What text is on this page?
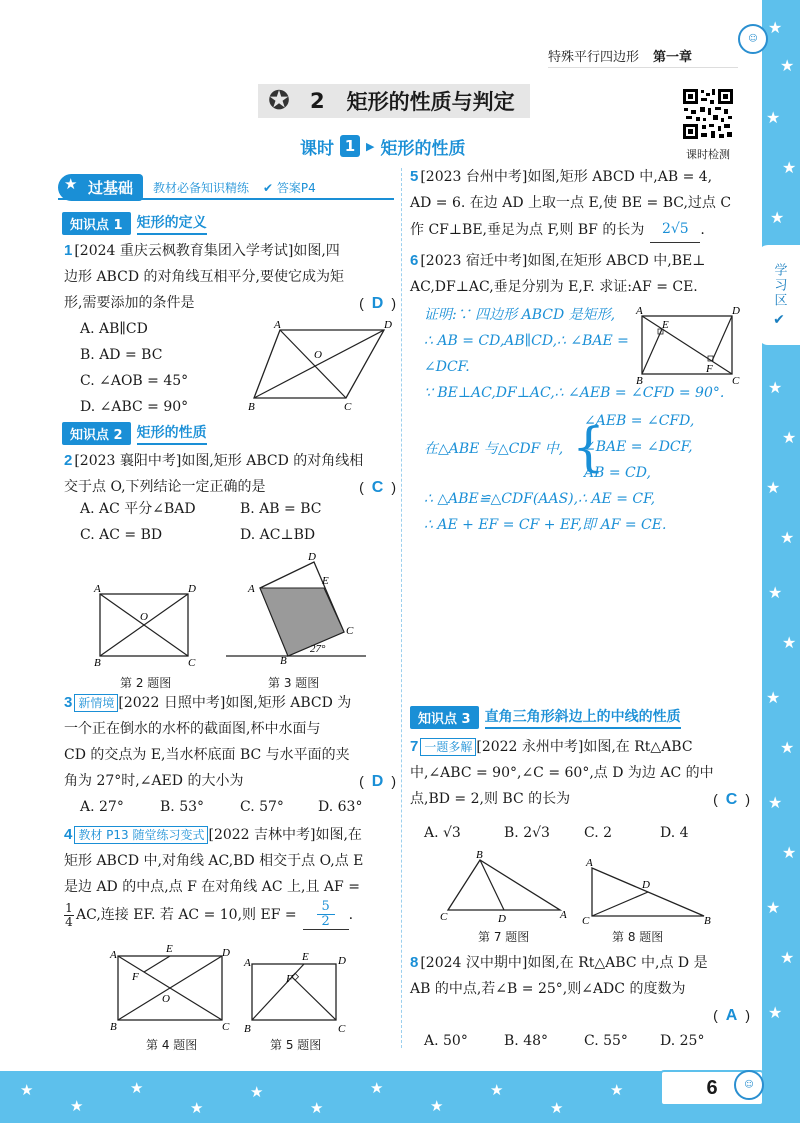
★
★
★
★
★
★
★
★
★
★
★
★
★
★
★
★
★
★
★
★
★
★
★
★
★
★
★
★
★	6
☺
☺
学习区
✔
特殊平行四边形 第一章
✪ 2 矩形的性质与判定
课时 1 ▶ 矩形的性质	课时检测
★ 过基础	教材必备知识精练 ✔ 答案P4
知识点 1	矩形的定义
1 [2024 重庆云枫教育集团入学考试]如图,四
边形 ABCD 的对角线互相平分,要使它成为矩
形,需要添加的条件是	( D )
A. AB∥CD
B. AD = BC
C. ∠AOB = 45°
D. ∠ABC = 90°
A	D
B	C
O
知识点 2	矩形的性质
2 [2023 襄阳中考]如图,矩形 ABCD 的对角线相
交于点 O,下列结论一定正确的是	( C )
A. AC 平分∠BAD	B. AB = BC
C. AC = BD	D. AC⊥BD
A	D
B	C
O
第 2 题图
A
D
E
C
B
27°
第 3 题图
3 新情境 [2022 日照中考]如图,矩形 ABCD 为
一个正在倒水的水杯的截面图,杯中水面与
CD 的交点为 E,当水杯底面 BC 与水平面的夹
角为 27°时,∠AED 的大小为	( D )
A. 27°	B. 53°	C. 57° D. 63°
4 教材 P13 随堂练习变式 [2022 吉林中考]如图,在
矩形 ABCD 中,对角线 AC,BD 相交于点 O,点 E
是边 AD 的中点,点 F 在对角线 AC 上,且 AF =
1
4 AC,连接 EF. 若 AC = 10,则 EF = $\frac{5}{2}$ .
A	D
E
F
B	C
O
第 4 题图
A	D
E
F
B	C
第 5 题图
5 [2023 台州中考]如图,矩形 ABCD 中,AB = 4,
AD = 6. 在边 AD 上取一点 E,使 BE = BC,过点 C
作 CF⊥BE,垂足为点 F,则 BF 的长为	2√5 .
6 [2023 宿迁中考]如图,在矩形 ABCD 中,BE⊥
AC,DF⊥AC,垂足分别为 E,F. 求证:AF = CE.
证明:∵ 四边形 ABCD 是矩形,
∴ AB = CD,AB∥CD,∴ ∠BAE =
∠DCF.
∵ BE⊥AC,DF⊥AC,∴ ∠AEB = ∠CFD = 90°.
在△ABE 与△CDF 中, {
∠AEB = ∠CFD,
∠BAE = ∠DCF,
AB = CD,
∴ △ABE≌△CDF(AAS),∴ AE = CF,
∴ AE + EF = CF + EF,即 AF = CE.
A	D
E
F
B	C
知识点 3	直角三角形斜边上的中线的性质
7 一题多解 [2022 永州中考]如图,在 Rt△ABC
中,∠ABC = 90°,∠C = 60°,点 D 为边 AC 的中
点,BD = 2,则 BC 的长为	( C )
A. √3	B. 2√3 C. 2	D. 4
B
C	D	A
第 7 题图
A
C
D
B
第 8 题图
8 [2024 汉中期中]如图,在 Rt△ABC 中,点 D 是
AB 的中点,若∠B = 25°,则∠ADC 的度数为
( A )
A. 50°	B. 48°	C. 55° D. 25°
